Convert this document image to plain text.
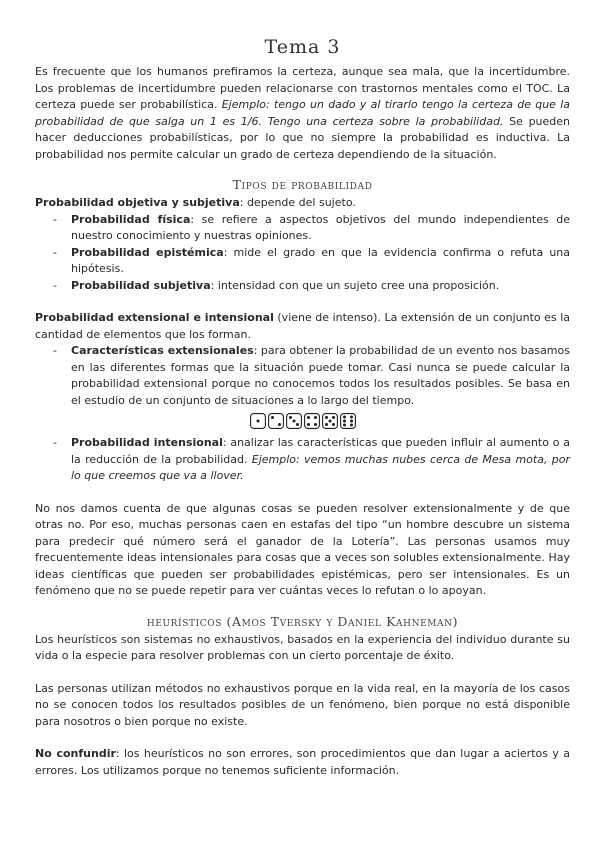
Tema 3

Es frecuente que los humanos prefiramos la certeza, aunque sea mala, que la incertidumbre. Los problemas de incertidumbre pueden relacionarse con trastornos mentales como el TOC. La certeza puede ser probabilística. Ejemplo: tengo un dado y al tirarlo tengo la certeza de que la probabilidad de que salga un 1 es 1/6. Tengo una certeza sobre la probabilidad. Se pueden hacer deducciones probabilísticas, por lo que no siempre la probabilidad es inductiva. La probabilidad nos permite calcular un grado de certeza dependiendo de la situación.

Tipos de probabilidad

Probabilidad objetiva y subjetiva: depende del sujeto.

- Probabilidad física: se refiere a aspectos objetivos del mundo independientes de nuestro conocimiento y nuestras opiniones.
- Probabilidad epistémica: mide el grado en que la evidencia confirma o refuta una hipótesis.
- Probabilidad subjetiva: intensidad con que un sujeto cree una proposición.

Probabilidad extensional e intensional (viene de intenso). La extensión de un conjunto es la cantidad de elementos que los forman.

- Características extensionales: para obtener la probabilidad de un evento nos basamos en las diferentes formas que la situación puede tomar. Casi nunca se puede calcular la probabilidad extensional porque no conocemos todos los resultados posibles. Se basa en el estudio de un conjunto de situaciones a lo largo del tiempo.
- Probabilidad intensional: analizar las características que pueden influir al aumento o a la reducción de la probabilidad. Ejemplo: vemos muchas nubes cerca de Mesa mota, por lo que creemos que va a llover.

No nos damos cuenta de que algunas cosas se pueden resolver extensionalmente y de que otras no. Por eso, muchas personas caen en estafas del tipo “un hombre descubre un sistema para predecir qué número será el ganador de la Lotería”. Las personas usamos muy frecuentemente ideas intensionales para cosas que a veces son solubles extensionalmente. Hay ideas científicas que pueden ser probabilidades epistémicas, pero ser intensionales. Es un fenómeno que no se puede repetir para ver cuántas veces lo refutan o lo apoyan.

heurísticos (Amos Tversky y Daniel Kahneman)

Los heurísticos son sistemas no exhaustivos, basados en la experiencia del individuo durante su vida o la especie para resolver problemas con un cierto porcentaje de éxito.

Las personas utilizan métodos no exhaustivos porque en la vida real, en la mayoría de los casos no se conocen todos los resultados posibles de un fenómeno, bien porque no está disponible para nosotros o bien porque no existe.

No confundir: los heurísticos no son errores, son procedimientos que dan lugar a aciertos y a errores. Los utilizamos porque no tenemos suficiente información.
